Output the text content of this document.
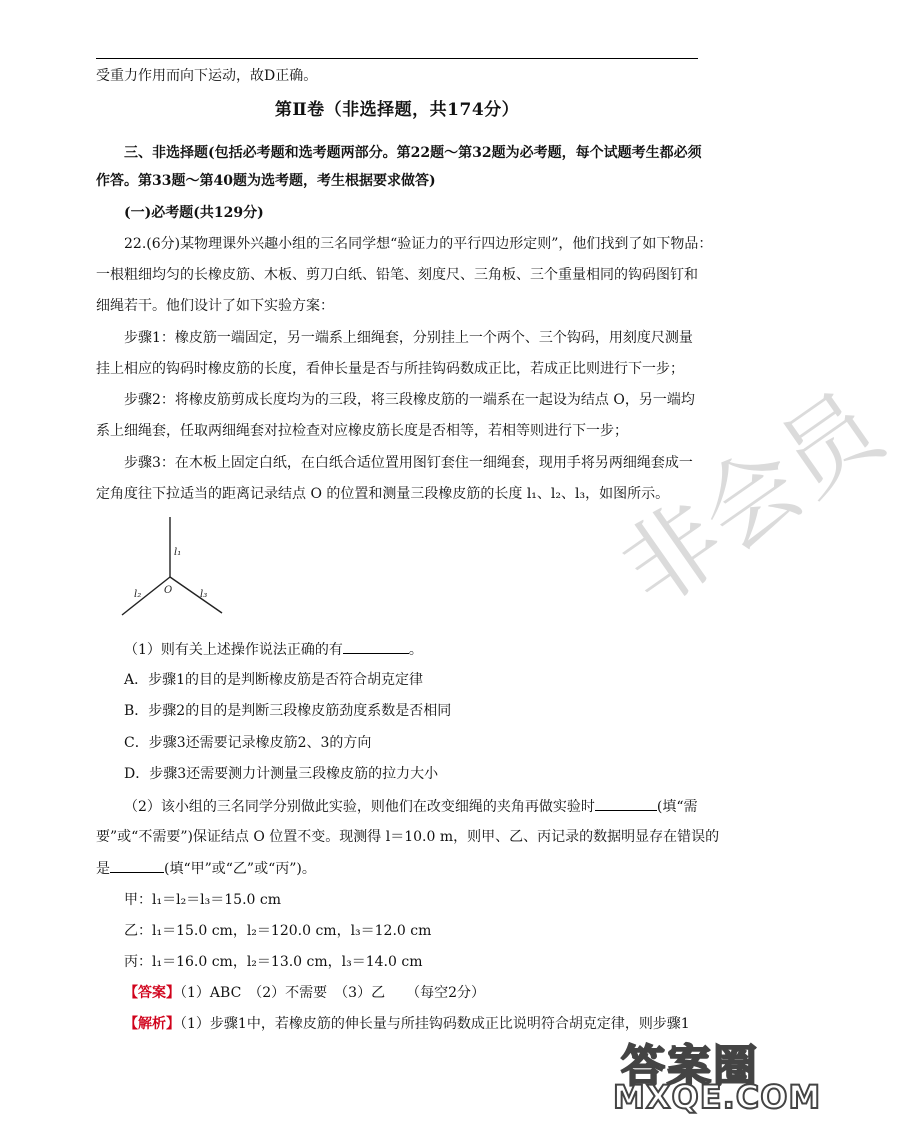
受重力作用而向下运动，故D正确。
第Ⅱ卷（非选择题，共174分）
三、非选择题(包括必考题和选考题两部分。第22题～第32题为必考题，每个试题考生都必须
作答。第33题～第40题为选考题，考生根据要求做答)
(一)必考题(共129分)
22.(6分)某物理课外兴趣小组的三名同学想“验证力的平行四边形定则”，他们找到了如下物品：
一根粗细均匀的长橡皮筋、木板、剪刀白纸、铅笔、刻度尺、三角板、三个重量相同的钩码图钉和
细绳若干。他们设计了如下实验方案：
步骤1：橡皮筋一端固定，另一端系上细绳套，分别挂上一个两个、三个钩码，用刻度尺测量
挂上相应的钩码时橡皮筋的长度，看伸长量是否与所挂钩码数成正比，若成正比则进行下一步；
步骤2：将橡皮筋剪成长度均为的三段，将三段橡皮筋的一端系在一起设为结点 O，另一端均
系上细绳套，任取两细绳套对拉检查对应橡皮筋长度是否相等，若相等则进行下一步；
步骤3：在木板上固定白纸，在白纸合适位置用图钉套住一细绳套，现用手将另两细绳套成一
定角度往下拉适当的距离记录结点 O 的位置和测量三段橡皮筋的长度 l₁、l₂、l₃，如图所示。
l₁
O
l₂	l₃
（1）则有关上述操作说法正确的有	。
A．步骤1的目的是判断橡皮筋是否符合胡克定律
B．步骤2的目的是判断三段橡皮筋劲度系数是否相同
C．步骤3还需要记录橡皮筋2、3的方向
D．步骤3还需要测力计测量三段橡皮筋的拉力大小
（2）该小组的三名同学分别做此实验，则他们在改变细绳的夹角再做实验时	(填“需
要”或“不需要”)保证结点 O 位置不变。现测得 l＝10.0 m，则甲、乙、丙记录的数据明显存在错误的
是	(填“甲”或“乙”或“丙”)。
甲：l₁＝l₂＝l₃＝15.0 cm
乙：l₁＝15.0 cm，l₂＝120.0 cm，l₃＝12.0 cm
丙：l₁＝16.0 cm，l₂＝13.0 cm，l₃＝14.0 cm
【答案】（1）ABC　（2）不需要　（3）乙　　（每空2分）
【解析】（1）步骤1中，若橡皮筋的伸长量与所挂钩码数成正比说明符合胡克定律，则步骤1
非会员
答案圈
MXQE.COM
